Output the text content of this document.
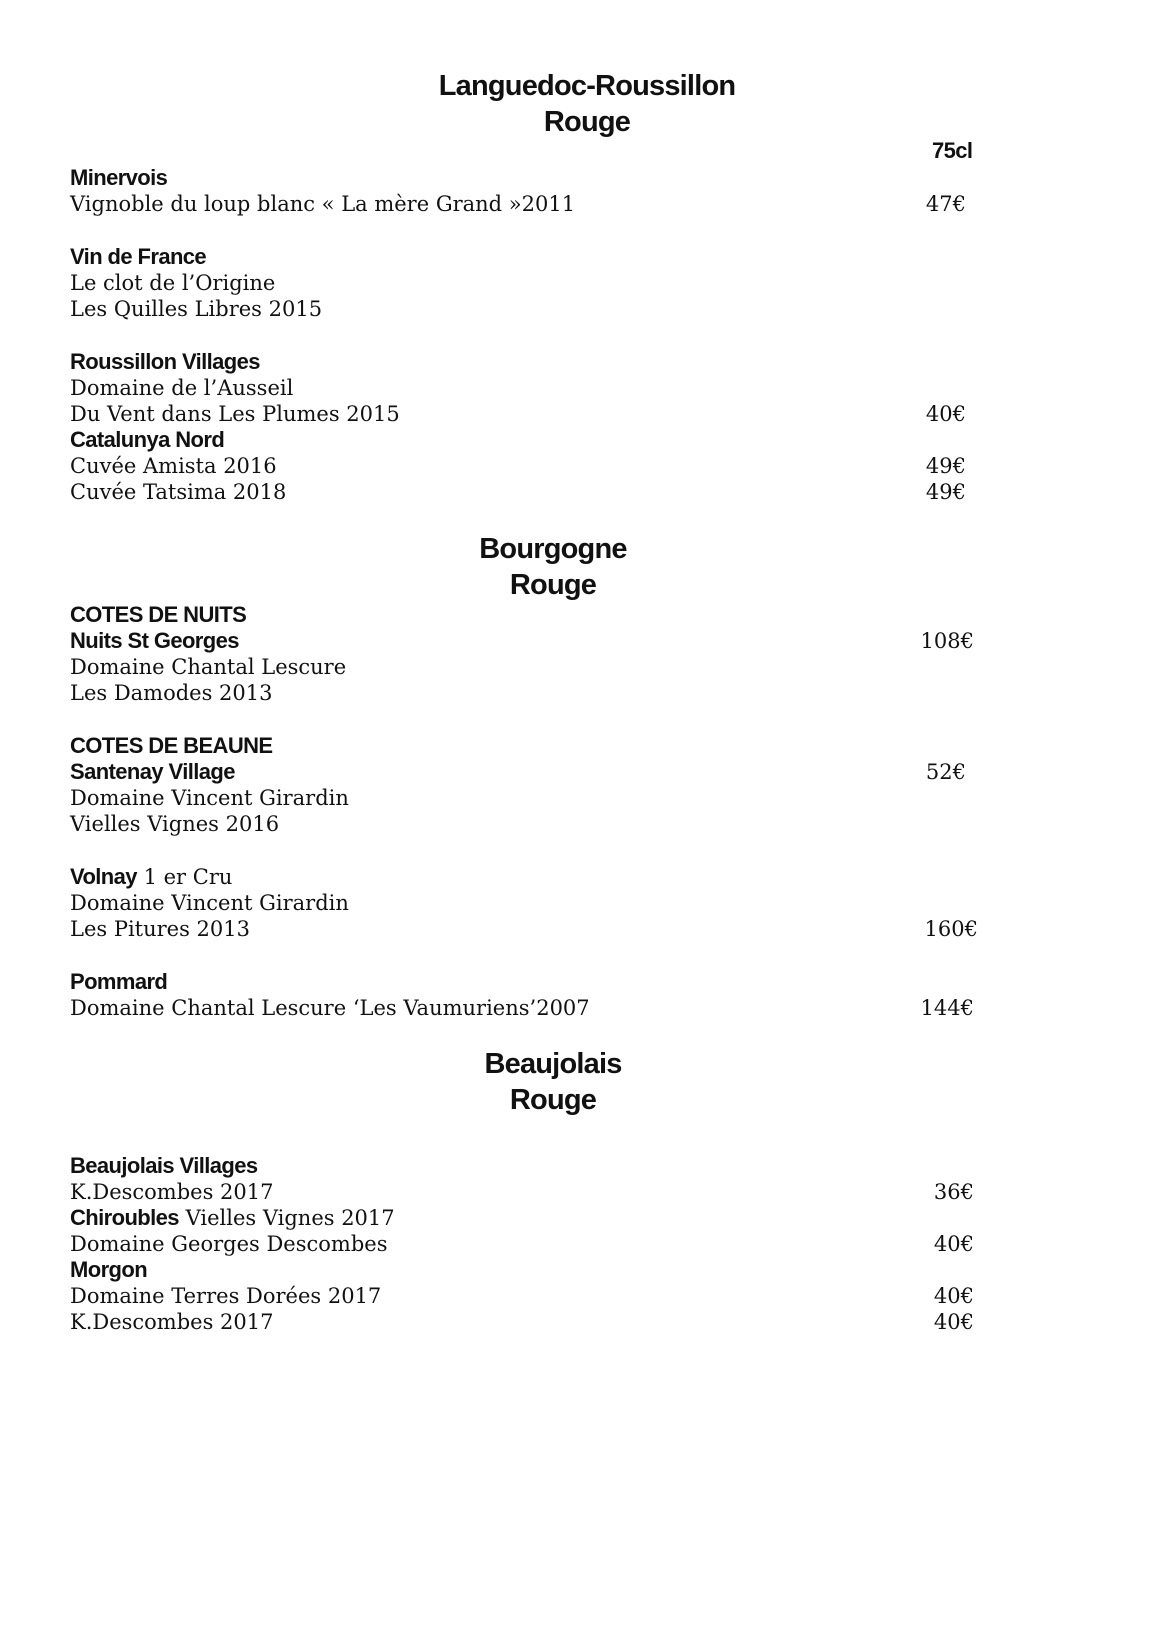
Languedoc-Roussillon
Rouge
75cl
Minervois
Vignoble du loup blanc « La mère Grand »2011	47€
Vin de France
Le clot de l’Origine
Les Quilles Libres 2015
Roussillon Villages
Domaine de l’Ausseil
Du Vent dans Les Plumes 2015	40€
Catalunya Nord
Cuvée Amista 2016	49€
Cuvée Tatsima 2018	49€
Bourgogne
Rouge
COTES DE NUITS
Nuits St Georges	108€
Domaine Chantal Lescure
Les Damodes 2013
COTES DE BEAUNE
Santenay Village	52€
Domaine Vincent Girardin
Vielles Vignes 2016
Volnay 1 er Cru
Domaine Vincent Girardin
Les Pitures 2013	160€
Pommard
Domaine Chantal Lescure ‘Les Vaumuriens’2007	144€
Beaujolais
Rouge
Beaujolais Villages
K.Descombes 2017	36€
Chiroubles Vielles Vignes 2017
Domaine Georges Descombes	40€
Morgon
Domaine Terres Dorées 2017	40€
K.Descombes 2017	40€
